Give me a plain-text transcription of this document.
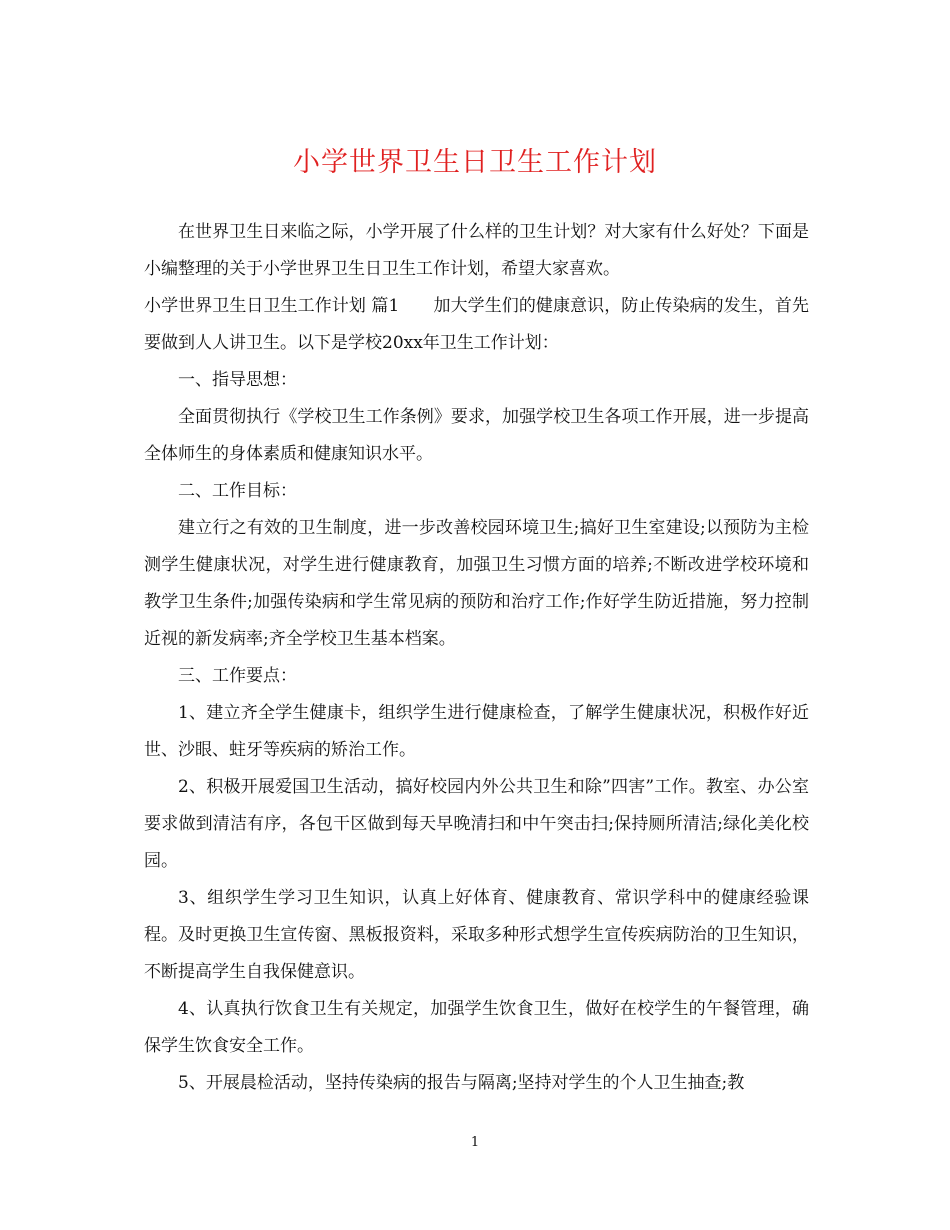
小学世界卫生日卫生工作计划

在世界卫生日来临之际，小学开展了什么样的卫生计划？对大家有什么好处？下面是小编整理的关于小学世界卫生日卫生工作计划，希望大家喜欢。

小学世界卫生日卫生工作计划 篇1　　加大学生们的健康意识，防止传染病的发生，首先要做到人人讲卫生。以下是学校20xx年卫生工作计划：

一、指导思想：

全面贯彻执行《学校卫生工作条例》要求，加强学校卫生各项工作开展，进一步提高全体师生的身体素质和健康知识水平。

二、工作目标：

建立行之有效的卫生制度，进一步改善校园环境卫生;搞好卫生室建设;以预防为主检测学生健康状况，对学生进行健康教育，加强卫生习惯方面的培养;不断改进学校环境和教学卫生条件;加强传染病和学生常见病的预防和治疗工作;作好学生防近措施，努力控制近视的新发病率;齐全学校卫生基本档案。

三、工作要点：

1、建立齐全学生健康卡，组织学生进行健康检查，了解学生健康状况，积极作好近世、沙眼、蛀牙等疾病的矫治工作。

2、积极开展爱国卫生活动，搞好校园内外公共卫生和除”四害”工作。教室、办公室要求做到清洁有序，各包干区做到每天早晚清扫和中午突击扫;保持厕所清洁;绿化美化校园。

3、组织学生学习卫生知识，认真上好体育、健康教育、常识学科中的健康经验课程。及时更换卫生宣传窗、黑板报资料，采取多种形式想学生宣传疾病防治的卫生知识，不断提高学生自我保健意识。

4、认真执行饮食卫生有关规定，加强学生饮食卫生，做好在校学生的午餐管理，确保学生饮食安全工作。

5、开展晨检活动，坚持传染病的报告与隔离;坚持对学生的个人卫生抽查;教

1
